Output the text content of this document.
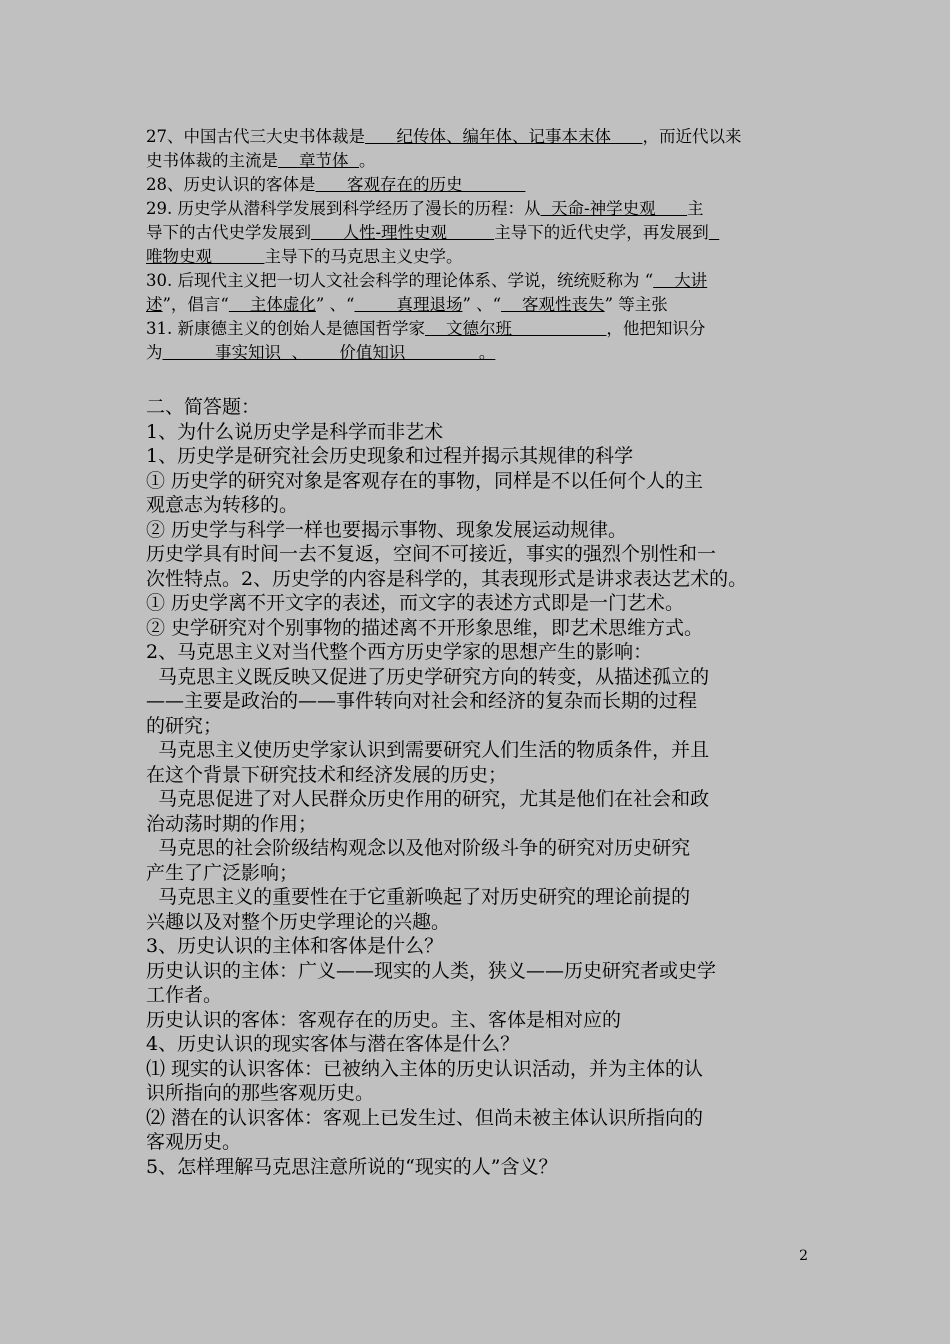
27、中国古代三大史书体裁是      纪传体、编年体、记事本末体      ，而近代以来
史书体裁的主流是    章节体  。
28、历史认识的客体是      客观存在的历史
29. 历史学从潜科学发展到科学经历了漫长的历程：从  天命-神学史观      主
导下的古代史学发展到      人性-理性史观         主导下的近代史学，再发展到
唯物史观          主导下的马克思主义史学。
30. 后现代主义把一切人文社会科学的理论体系、学说，统统贬称为 “    大讲
述”，倡言“    主体虚化” 、“        真理退场” 、“    客观性丧失” 等主张
31. 新康德主义的创始人是德国哲学家    文德尔班                  ，他把知识分
为          事实知识  、      价值知识              。
二、简答题：
1、为什么说历史学是科学而非艺术
1、历史学是研究社会历史现象和过程并揭示其规律的科学
① 历史学的研究对象是客观存在的事物，同样是不以任何个人的主
观意志为转移的。
② 历史学与科学一样也要揭示事物、现象发展运动规律。
历史学具有时间一去不复返，空间不可接近，事实的强烈个别性和一
次性特点。2、历史学的内容是科学的，其表现形式是讲求表达艺术的。
① 历史学离不开文字的表述，而文字的表述方式即是一门艺术。
② 史学研究对个别事物的描述离不开形象思维，即艺术思维方式。
2、马克思主义对当代整个西方历史学家的思想产生的影响：
马克思主义既反映又促进了历史学研究方向的转变，从描述孤立的
——主要是政治的——事件转向对社会和经济的复杂而长期的过程
的研究；
马克思主义使历史学家认识到需要研究人们生活的物质条件，并且
在这个背景下研究技术和经济发展的历史；
马克思促进了对人民群众历史作用的研究，尤其是他们在社会和政
治动荡时期的作用；
马克思的社会阶级结构观念以及他对阶级斗争的研究对历史研究
产生了广泛影响；
马克思主义的重要性在于它重新唤起了对历史研究的理论前提的
兴趣以及对整个历史学理论的兴趣。
3、历史认识的主体和客体是什么？
历史认识的主体：广义——现实的人类，狭义——历史研究者或史学
工作者。
历史认识的客体：客观存在的历史。主、客体是相对应的
4、历史认识的现实客体与潜在客体是什么？
⑴ 现实的认识客体：已被纳入主体的历史认识活动，并为主体的认
识所指向的那些客观历史。
⑵ 潜在的认识客体：客观上已发生过、但尚未被主体认识所指向的
客观历史。
5、怎样理解马克思注意所说的“现实的人”含义？
2
